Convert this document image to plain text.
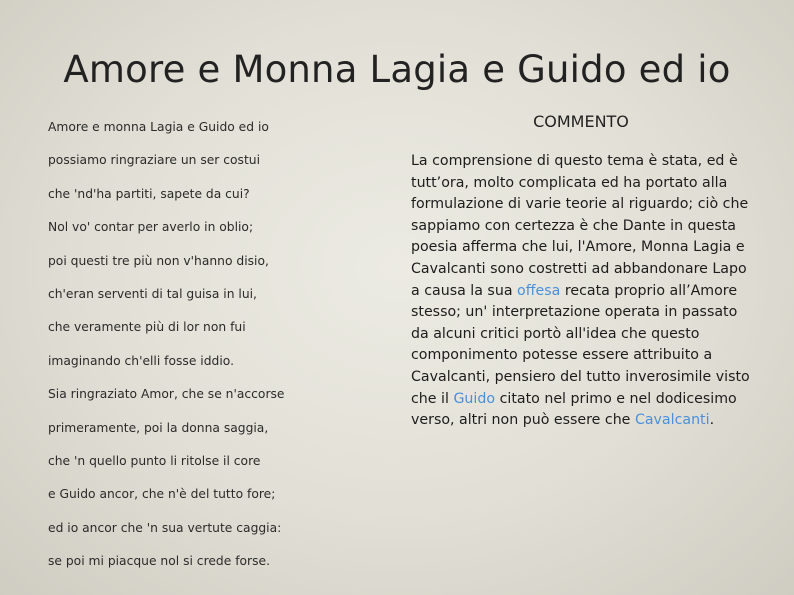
Amore e Monna Lagia e Guido ed io
Amore e monna Lagia e Guido ed io
possiamo ringraziare un ser costui
che 'nd'ha partiti, sapete da cui?
Nol vo' contar per averlo in oblio;
poi questi tre più non v'hanno disio,
ch'eran serventi di tal guisa in lui,
che veramente più di lor non fui
imaginando ch'elli fosse iddio.
Sia ringraziato Amor, che se n'accorse
primeramente, poi la donna saggia,
che 'n quello punto li ritolse il core
e Guido ancor, che n'è del tutto fore;
ed io ancor che 'n sua vertute caggia:
se poi mi piacque nol si crede forse.
COMMENTO

La comprensione di questo tema è stata, ed è tutt’ora, molto complicata ed ha portato alla formulazione di varie teorie al riguardo; ciò che sappiamo con certezza è che Dante in questa poesia afferma che lui, l'Amore, Monna Lagia e Cavalcanti sono costretti ad abbandonare Lapo a causa la sua offesa recata proprio all’Amore stesso; un' interpretazione operata in passato da alcuni critici portò all'idea che questo componimento potesse essere attribuito a Cavalcanti, pensiero del tutto inverosimile visto che il Guido citato nel primo e nel dodicesimo verso, altri non può essere che Cavalcanti.
